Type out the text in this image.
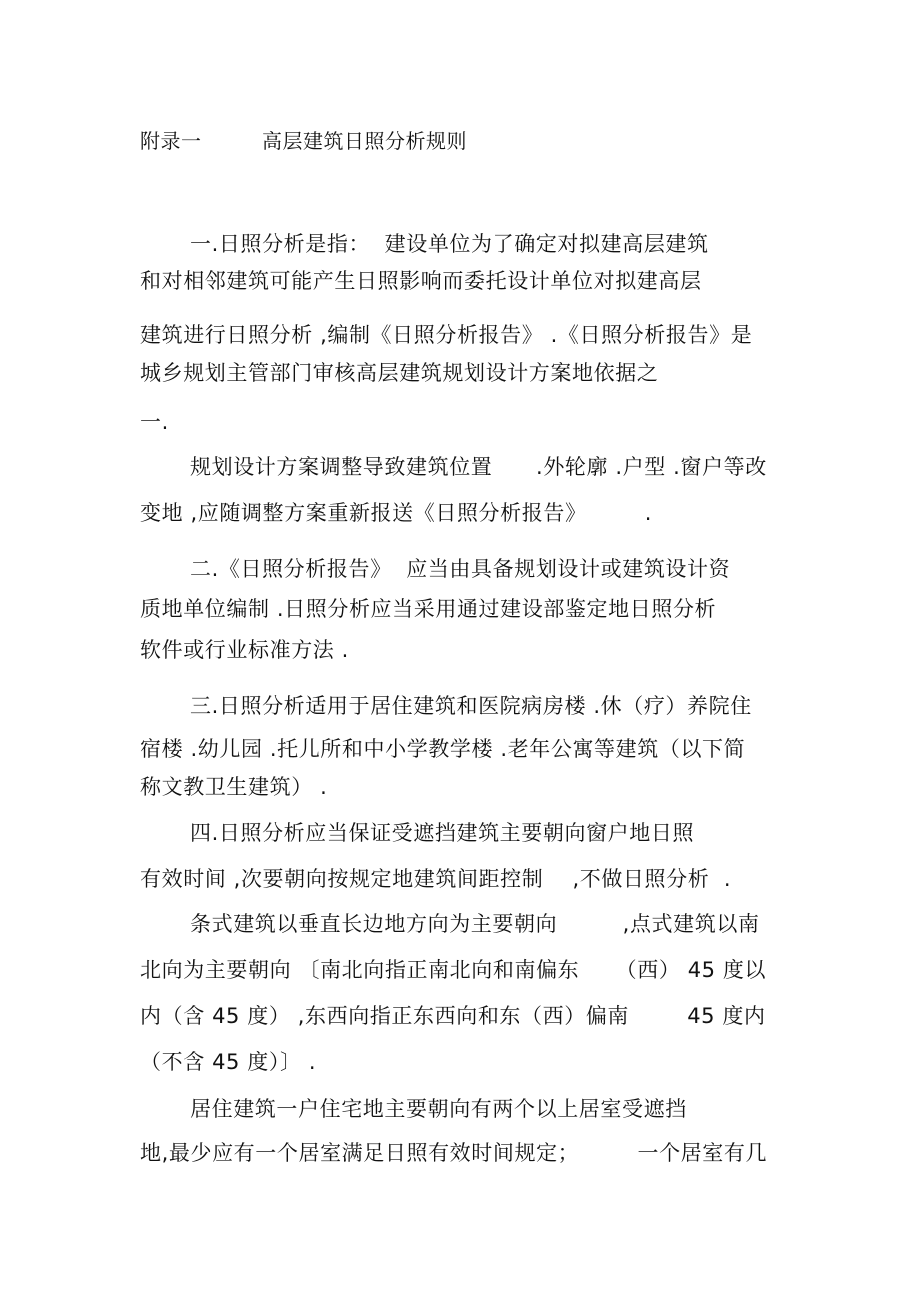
附录一	高层建筑日照分析规则
一.日照分析是指：  建设单位为了确定对拟建高层建筑
和对相邻建筑可能产生日照影响而委托设计单位对拟建高层
建筑进行日照分析 ,编制《日照分析报告》 .《日照分析报告》是
城乡规划主管部门审核高层建筑规划设计方案地依据之
一.
规划设计方案调整导致建筑位置      .外轮廓 .户型 .窗户等改
变地 ,应随调整方案重新报送《日照分析报告》        .
二.《日照分析报告》  应当由具备规划设计或建筑设计资
质地单位编制 .日照分析应当采用通过建设部鉴定地日照分析
软件或行业标准方法 .
三.日照分析适用于居住建筑和医院病房楼 .休（疗）养院住
宿楼 .幼儿园 .托儿所和中小学教学楼 .老年公寓等建筑（以下简
称文教卫生建筑） .
四.日照分析应当保证受遮挡建筑主要朝向窗户地日照
有效时间 ,次要朝向按规定地建筑间距控制    ,不做日照分析  .
条式建筑以垂直长边地方向为主要朝向         ,点式建筑以南
北向为主要朝向 〔南北向指正南北向和南偏东     （西） 45 度以
内（含 45 度） ,东西向指正东西向和东（西）偏南        45 度内
（不含 45 度）〕 .
居住建筑一户住宅地主要朝向有两个以上居室受遮挡
地,最少应有一个居室满足日照有效时间规定；        一个居室有几
